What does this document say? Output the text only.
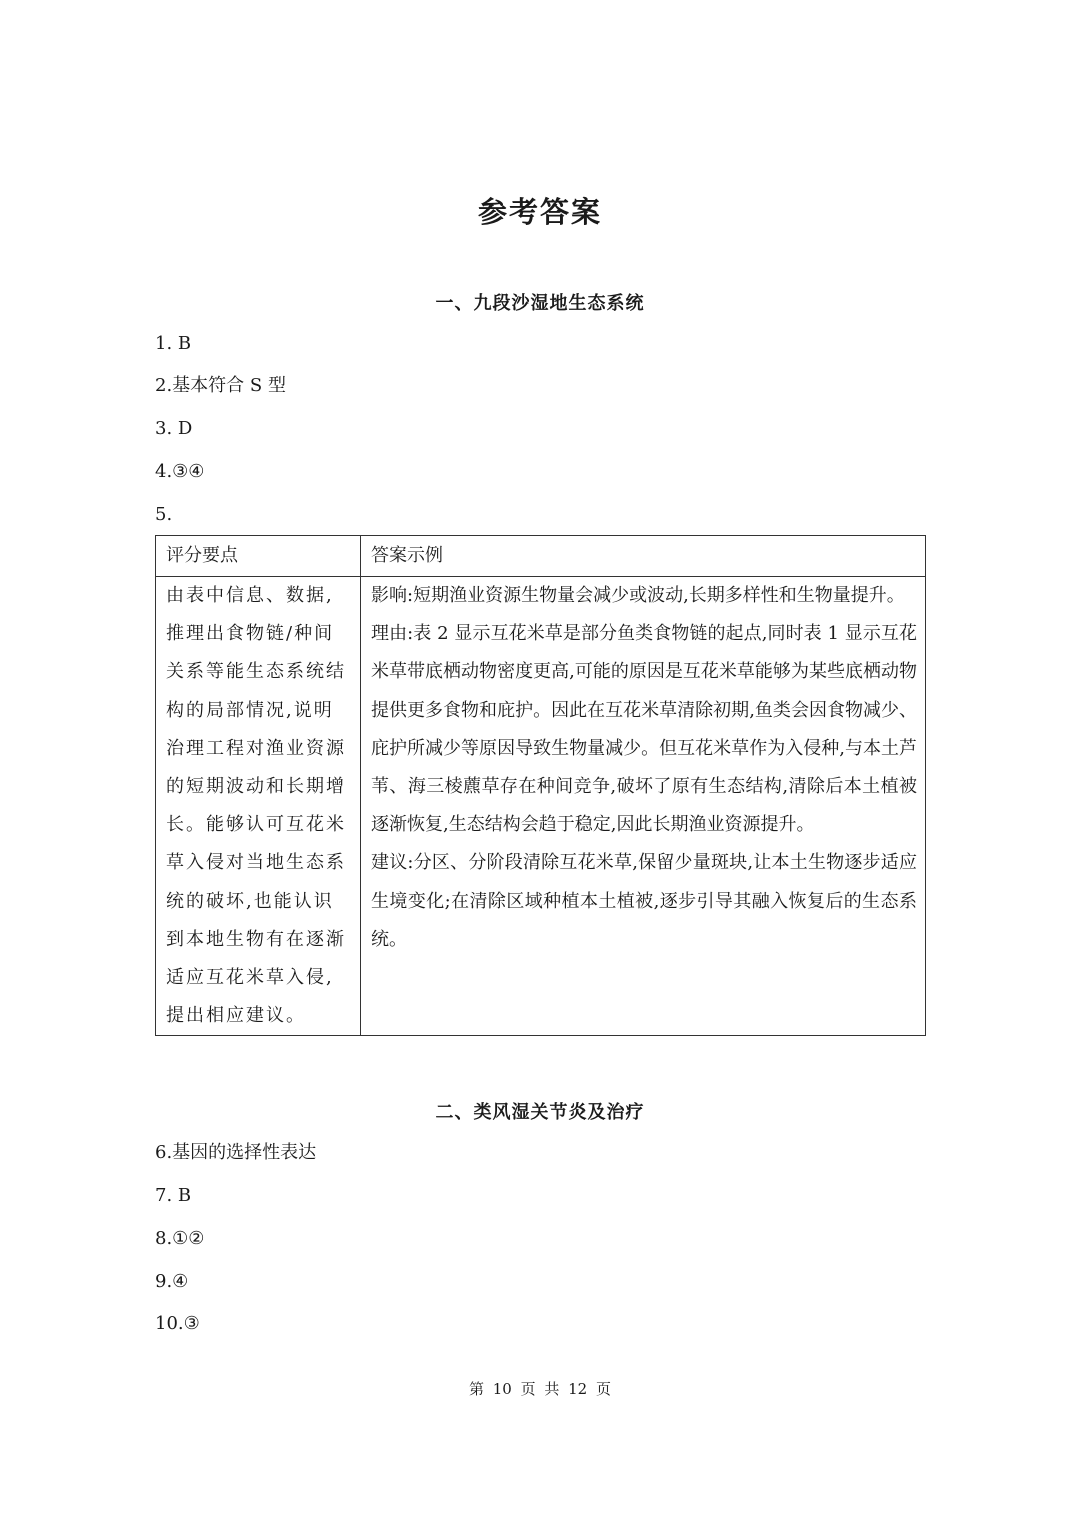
参考答案
一、九段沙湿地生态系统
1. B
2.基本符合 S 型
3. D
4.③④
5.
评分要点	答案示例
由表中信息、数据,推理出食物链/种间关系等能生态系统结构的局部情况,说明治理工程对渔业资源的短期波动和长期增长。能够认可互花米草入侵对当地生态系统的破坏,也能认识到本地生物有在逐渐适应互花米草入侵,提出相应建议。	影响:短期渔业资源生物量会减少或波动,长期多样性和生物量提升。

理由:表 2 显示互花米草是部分鱼类食物链的起点,同时表 1 显示互花米草带底栖动物密度更高,可能的原因是互花米草能够为某些底栖动物提供更多食物和庇护。因此在互花米草清除初期,鱼类会因食物减少、庇护所减少等原因导致生物量减少。但互花米草作为入侵种,与本土芦苇、海三棱藨草存在种间竞争,破坏了原有生态结构,清除后本土植被逐渐恢复,生态结构会趋于稳定,因此长期渔业资源提升。

建议:分区、分阶段清除互花米草,保留少量斑块,让本土生物逐步适应生境变化;在清除区域种植本土植被,逐步引导其融入恢复后的生态系统。

二、类风湿关节炎及治疗
6.基因的选择性表达
7. B
8.①②
9.④
10.③
第 10 页 共 12 页
